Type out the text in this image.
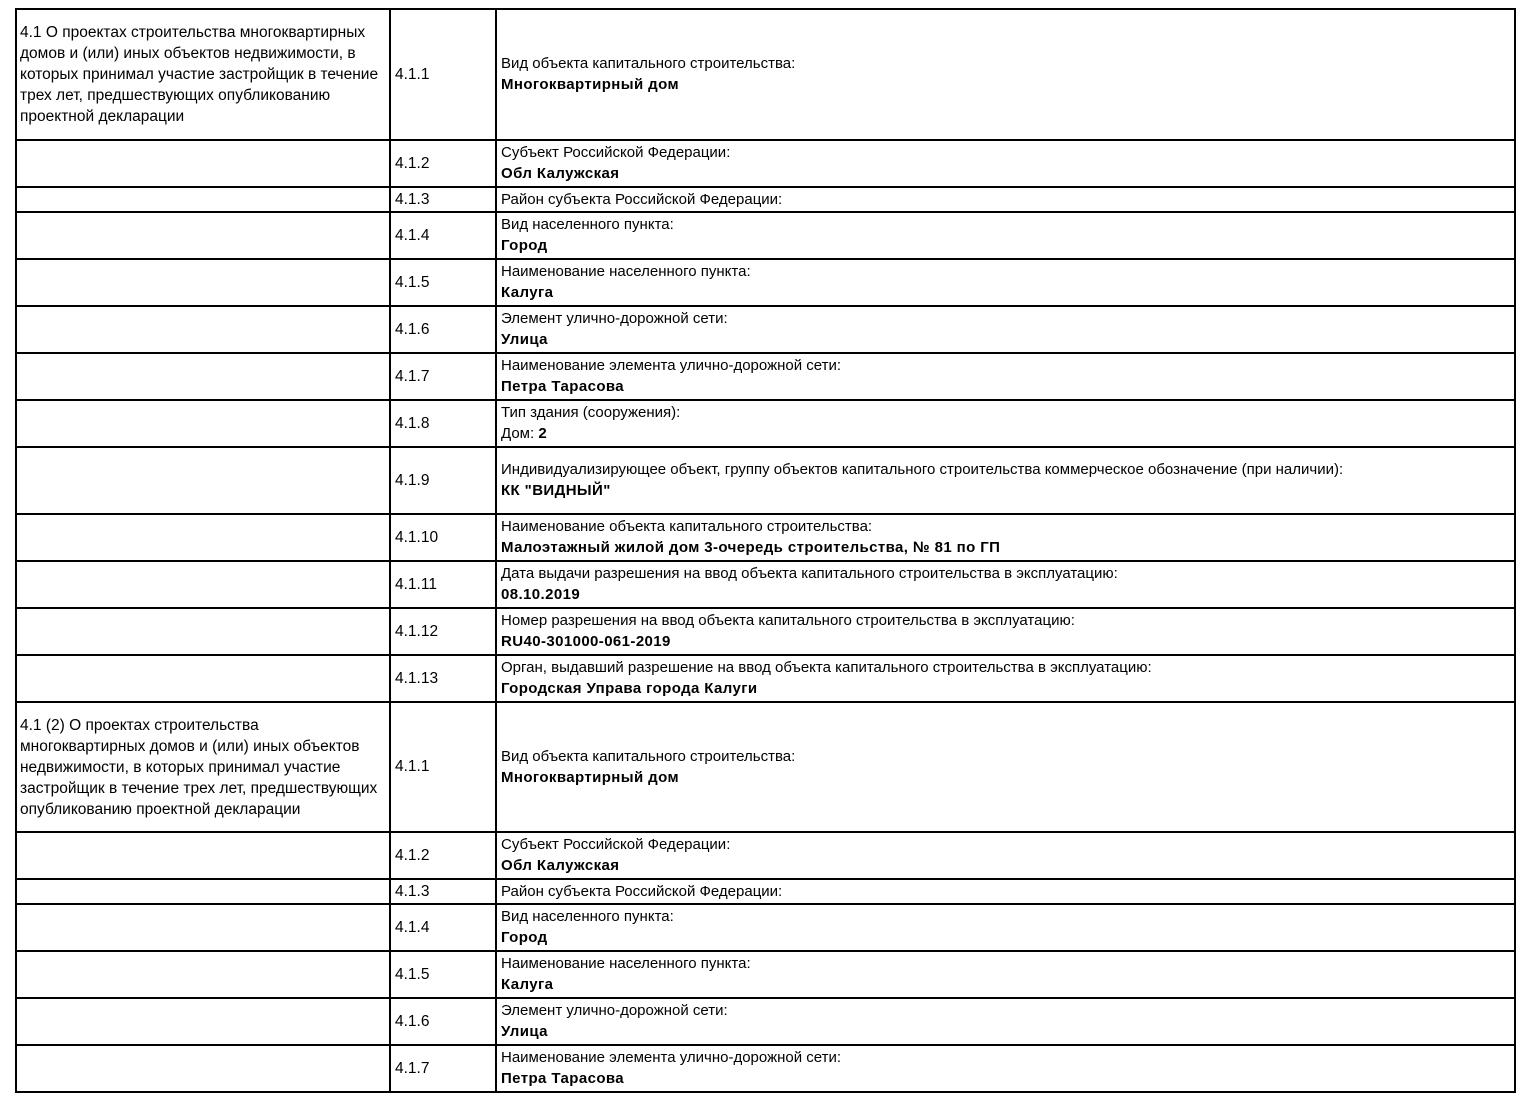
4.1 О проектах строительства многоквартирных домов и (или) иных объектов недвижимости, в которых принимал участие застройщик в течение трех лет, предшествующих опубликованию проектной декларации	4.1.1	Вид объекта капитального строительства:
Многоквартирный дом

	4.1.2	Субъект Российской Федерации:
Обл Калужская

	4.1.3	Район субъекта Российской Федерации:

	4.1.4	Вид населенного пункта:
Город

	4.1.5	Наименование населенного пункта:
Калуга

	4.1.6	Элемент улично-дорожной сети:
Улица

	4.1.7	Наименование элемента улично-дорожной сети:
Петра Тарасова

	4.1.8	Тип здания (сооружения):
Дом: 2

	4.1.9	Индивидуализирующее объект, группу объектов капитального строительства коммерческое обозначение (при наличии):
КК "ВИДНЫЙ"

	4.1.10	Наименование объекта капитального строительства:
Малоэтажный жилой дом 3-очередь строительства, № 81 по ГП

	4.1.11	Дата выдачи разрешения на ввод объекта капитального строительства в эксплуатацию:
08.10.2019

	4.1.12	Номер разрешения на ввод объекта капитального строительства в эксплуатацию:
RU40-301000-061-2019

	4.1.13	Орган, выдавший разрешение на ввод объекта капитального строительства в эксплуатацию:
Городская Управа города Калуги

4.1 (2) О проектах строительства многоквартирных домов и (или) иных объектов недвижимости, в которых принимал участие застройщик в течение трех лет, предшествующих опубликованию проектной декларации	4.1.1	Вид объекта капитального строительства:
Многоквартирный дом

	4.1.2	Субъект Российской Федерации:
Обл Калужская

	4.1.3	Район субъекта Российской Федерации:

	4.1.4	Вид населенного пункта:
Город

	4.1.5	Наименование населенного пункта:
Калуга

	4.1.6	Элемент улично-дорожной сети:
Улица

	4.1.7	Наименование элемента улично-дорожной сети:
Петра Тарасова
